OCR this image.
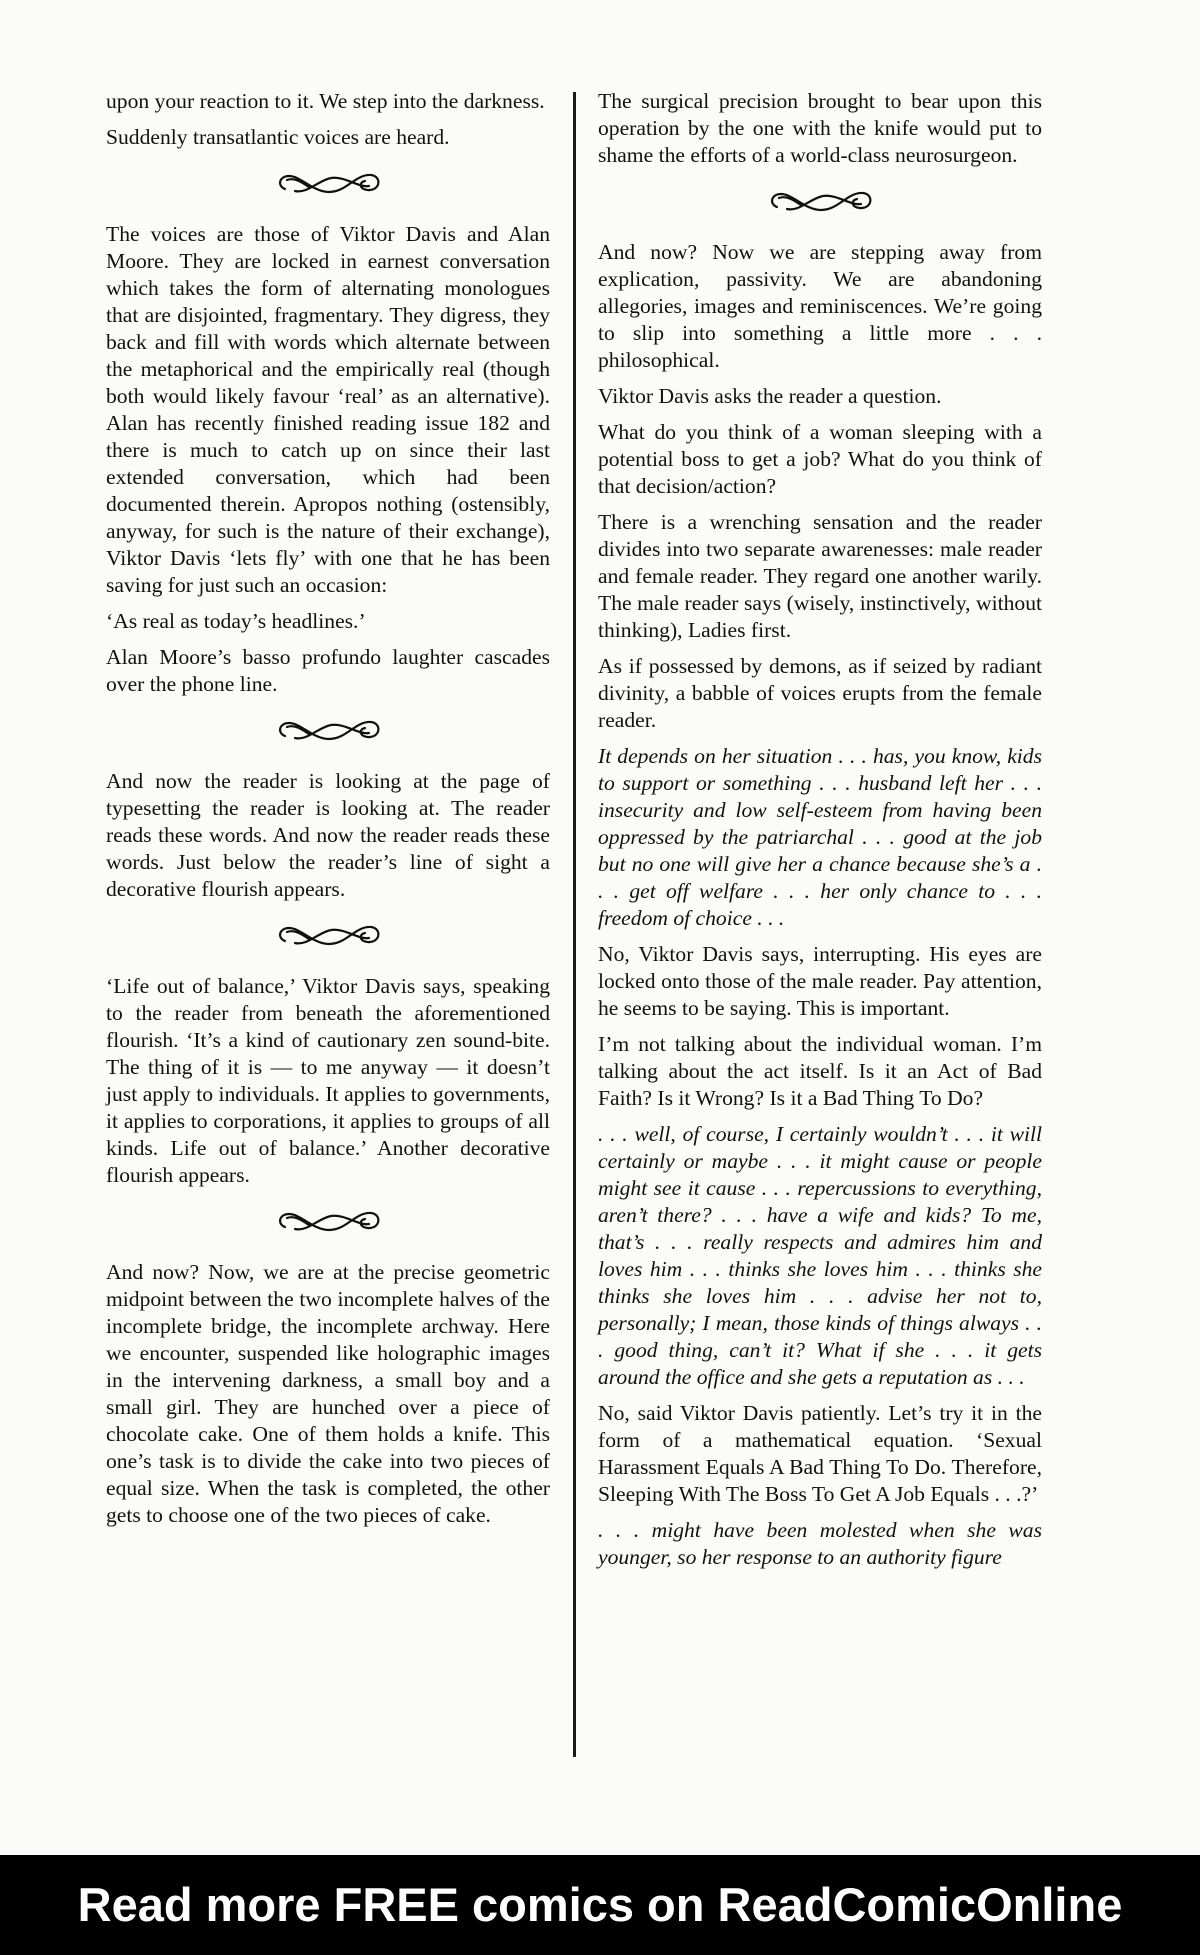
upon your reaction to it. We step into the darkness.

Suddenly transatlantic voices are heard.

The voices are those of Viktor Davis and Alan Moore. They are locked in earnest conversation which takes the form of alternating monologues that are disjointed, fragmentary. They digress, they back and fill with words which alternate between the metaphorical and the empirically real (though both would likely favour ‘real’ as an alternative). Alan has recently finished reading issue 182 and there is much to catch up on since their last extended conversation, which had been documented therein. Apropos nothing (ostensibly, anyway, for such is the nature of their exchange), Viktor Davis ‘lets fly’ with one that he has been saving for just such an occasion:

‘As real as today’s headlines.’

Alan Moore’s basso profundo laughter cascades over the phone line.

And now the reader is looking at the page of typesetting the reader is looking at. The reader reads these words. And now the reader reads these words. Just below the reader’s line of sight a decorative flourish appears.

‘Life out of balance,’ Viktor Davis says, speaking to the reader from beneath the aforementioned flourish. ‘It’s a kind of cautionary zen sound-bite. The thing of it is — to me anyway — it doesn’t just apply to individuals. It applies to governments, it applies to corporations, it applies to groups of all kinds. Life out of balance.’ Another decorative flourish appears.

And now? Now, we are at the precise geometric midpoint between the two incomplete halves of the incomplete bridge, the incomplete archway. Here we encounter, suspended like holographic images in the intervening darkness, a small boy and a small girl. They are hunched over a piece of chocolate cake. One of them holds a knife. This one’s task is to divide the cake into two pieces of equal size. When the task is completed, the other gets to choose one of the two pieces of cake.

The surgical precision brought to bear upon this operation by the one with the knife would put to shame the efforts of a world-class neurosurgeon.

And now? Now we are stepping away from explication, passivity. We are abandoning allegories, images and reminiscences. We’re going to slip into something a little more . . . philosophical.

Viktor Davis asks the reader a question.

What do you think of a woman sleeping with a potential boss to get a job? What do you think of that decision/action?

There is a wrenching sensation and the reader divides into two separate awarenesses: male reader and female reader. They regard one another warily. The male reader says (wisely, instinctively, without thinking), Ladies first.

As if possessed by demons, as if seized by radiant divinity, a babble of voices erupts from the female reader.

It depends on her situation . . . has, you know, kids to support or something . . . husband left her . . . insecurity and low self-esteem from having been oppressed by the patriarchal . . . good at the job but no one will give her a chance because she’s a . . . get off welfare . . . her only chance to . . . freedom of choice . . .

No, Viktor Davis says, interrupting. His eyes are locked onto those of the male reader. Pay attention, he seems to be saying. This is important.

I’m not talking about the individual woman. I’m talking about the act itself. Is it an Act of Bad Faith? Is it Wrong? Is it a Bad Thing To Do?

. . . well, of course, I certainly wouldn’t . . . it will certainly or maybe . . . it might cause or people might see it cause . . . repercussions to everything, aren’t there? . . . have a wife and kids? To me, that’s . . . really respects and admires him and loves him . . . thinks she loves him . . . thinks she thinks she loves him . . . advise her not to, personally; I mean, those kinds of things always . . . good thing, can’t it? What if she . . . it gets around the office and she gets a reputation as . . .

No, said Viktor Davis patiently. Let’s try it in the form of a mathematical equation. ‘Sexual Harassment Equals A Bad Thing To Do. Therefore, Sleeping With The Boss To Get A Job Equals . . .?’

. . . might have been molested when she was younger, so her response to an authority figure

Read more FREE comics on ReadComicOnline
